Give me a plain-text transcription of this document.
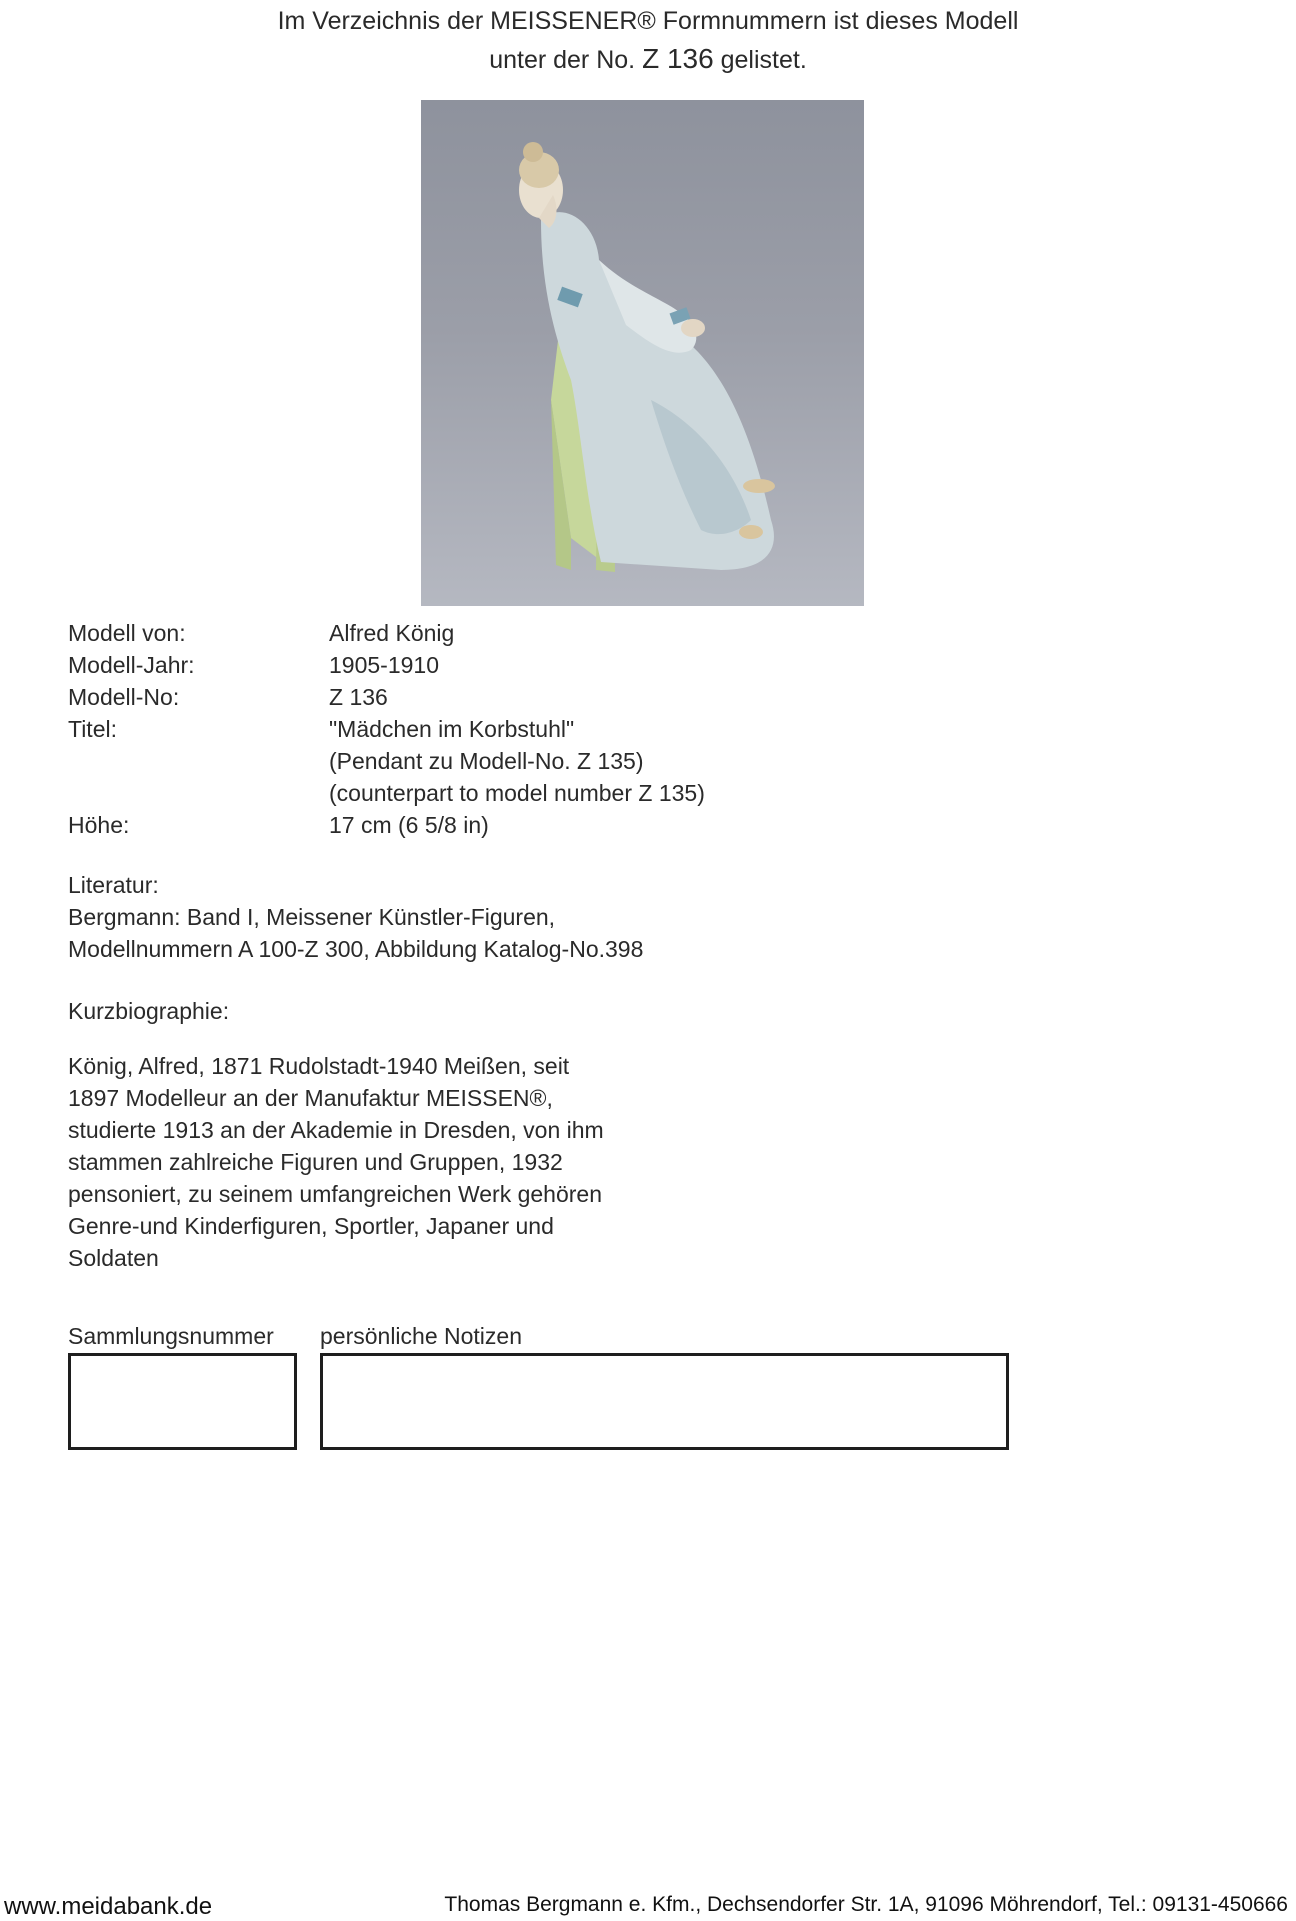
Im Verzeichnis der MEISSENER® Formnummern ist dieses Modell
unter der No. Z 136 gelistet.
Modell von:	Alfred König
Modell-Jahr:	1905-1910
Modell-No:	Z 136
Titel:	"Mädchen im Korbstuhl"
(Pendant zu Modell-No. Z 135)
(counterpart to model number Z 135)
Höhe:	17 cm (6 5/8 in)
Literatur:
Bergmann: Band I, Meissener Künstler-Figuren,
Modellnummern A 100-Z 300, Abbildung Katalog-No.398
Kurzbiographie:
König, Alfred, 1871 Rudolstadt-1940 Meißen, seit
1897 Modelleur an der Manufaktur MEISSEN®,
studierte 1913 an der Akademie in Dresden, von ihm
stammen zahlreiche Figuren und Gruppen, 1932
pensoniert, zu seinem umfangreichen Werk gehören
Genre-und Kinderfiguren, Sportler, Japaner und
Soldaten
Sammlungsnummer persönliche Notizen
www.meidabank.de	Thomas Bergmann e. Kfm., Dechsendorfer Str. 1A, 91096 Möhrendorf, Tel.: 09131-450666
